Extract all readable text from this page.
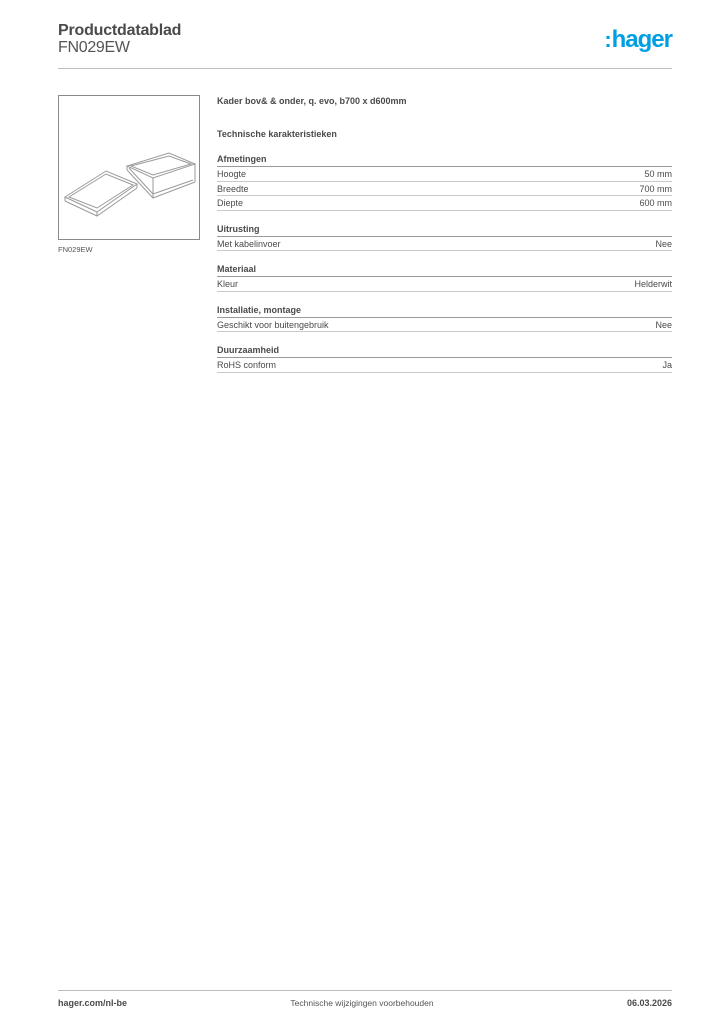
Productdatablad
FN029EW	:hager
FN029EW
Kader bov& & onder, q. evo, b700 x d600mm
Technische karakteristieken
Afmetingen
Hoogte	50 mm
Breedte	700 mm
Diepte	600 mm
Uitrusting
Met kabelinvoer	Nee
Materiaal
Kleur	Helderwit
Installatie, montage
Geschikt voor buitengebruik	Nee
Duurzaamheid
RoHS conform	Ja
hager.com/nl-be	Technische wijzigingen voorbehouden	06.03.2026
